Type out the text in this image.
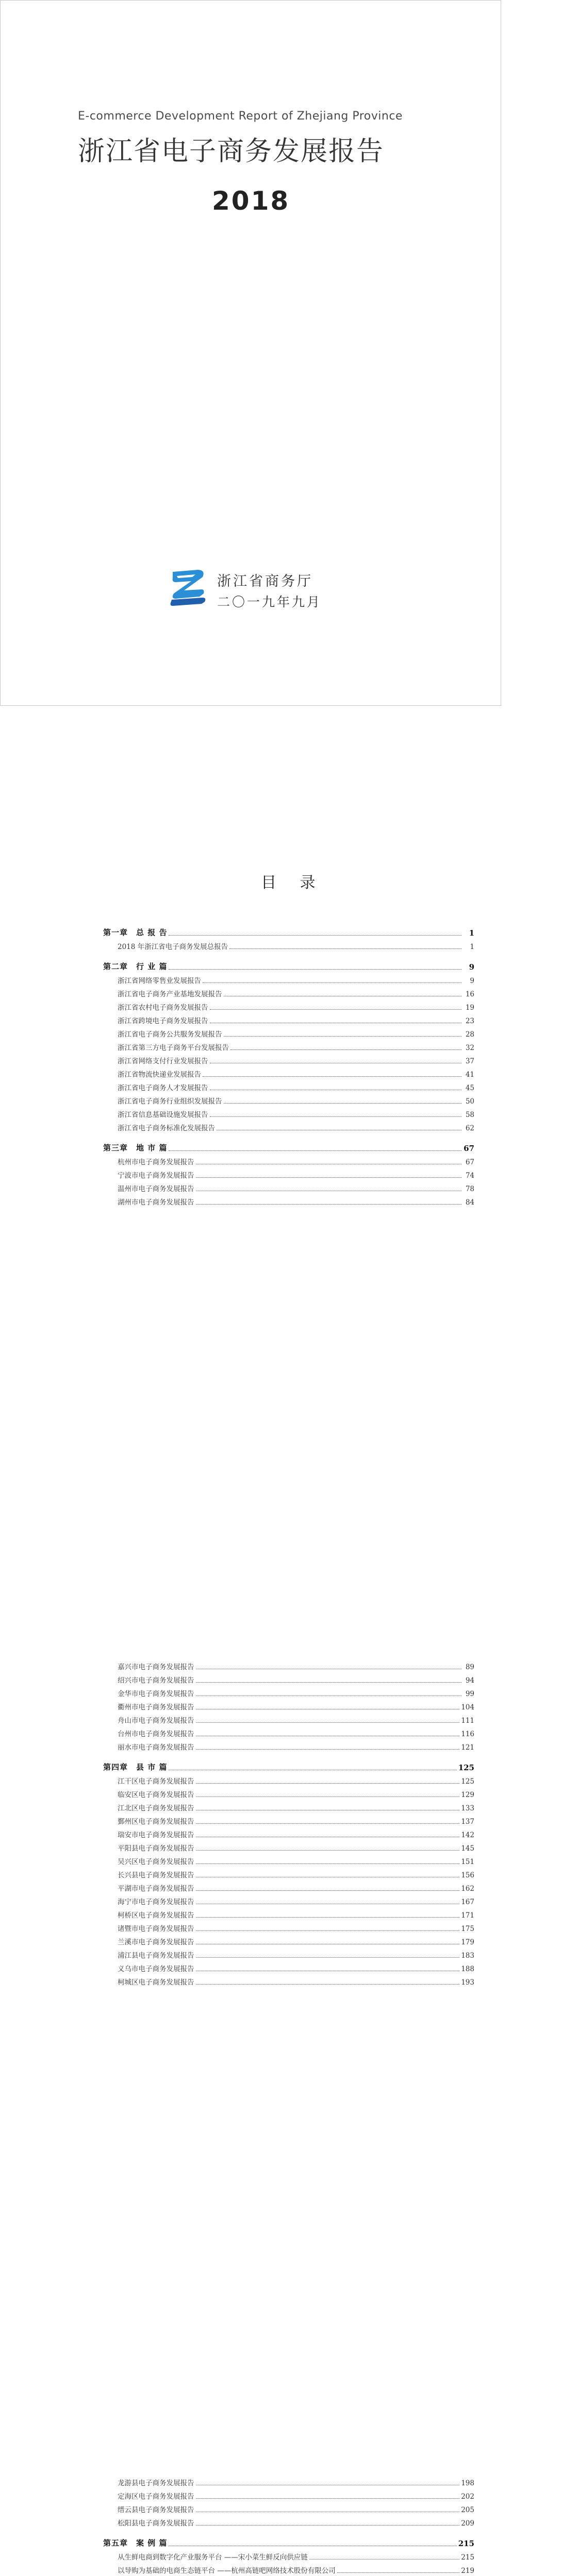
E-commerce Development Report of Zhejiang Province
浙江省电子商务发展报告
2018
浙江省商务厅
二〇一九年九月
目 录
第一章　总 报 告	1
2018 年浙江省电子商务发展总报告	1
第二章　行 业 篇	9
浙江省网络零售业发展报告	9
浙江省电子商务产业基地发展报告	16
浙江省农村电子商务发展报告	19
浙江省跨境电子商务发展报告	23
浙江省电子商务公共服务发展报告	28
浙江省第三方电子商务平台发展报告	32
浙江省网络支付行业发展报告	37
浙江省物流快递业发展报告	41
浙江省电子商务人才发展报告	45
浙江省电子商务行业组织发展报告	50
浙江省信息基础设施发展报告	58
浙江省电子商务标准化发展报告	62
第三章　地 市 篇	67
杭州市电子商务发展报告	67
宁波市电子商务发展报告	74
温州市电子商务发展报告	78
湖州市电子商务发展报告	84
嘉兴市电子商务发展报告	89
绍兴市电子商务发展报告	94
金华市电子商务发展报告	99
衢州市电子商务发展报告	104
舟山市电子商务发展报告	111
台州市电子商务发展报告	116
丽水市电子商务发展报告	121
第四章　县 市 篇	125
江干区电子商务发展报告	125
临安区电子商务发展报告	129
江北区电子商务发展报告	133
鄞州区电子商务发展报告	137
瑞安市电子商务发展报告	142
平阳县电子商务发展报告	145
吴兴区电子商务发展报告	151
长兴县电子商务发展报告	156
平湖市电子商务发展报告	162
海宁市电子商务发展报告	167
柯桥区电子商务发展报告	171
诸暨市电子商务发展报告	175
兰溪市电子商务发展报告	179
浦江县电子商务发展报告	183
义乌市电子商务发展报告	188
柯城区电子商务发展报告	193
龙游县电子商务发展报告	198
定海区电子商务发展报告	202
缙云县电子商务发展报告	205
松阳县电子商务发展报告	209
第五章　案 例 篇	215
从生鲜电商到数字化产业服务平台 ——宋小菜生鲜反向供应链	215
以导购为基础的电商生态链平台 ——杭州高链吧网络技术股份有限公司	219
